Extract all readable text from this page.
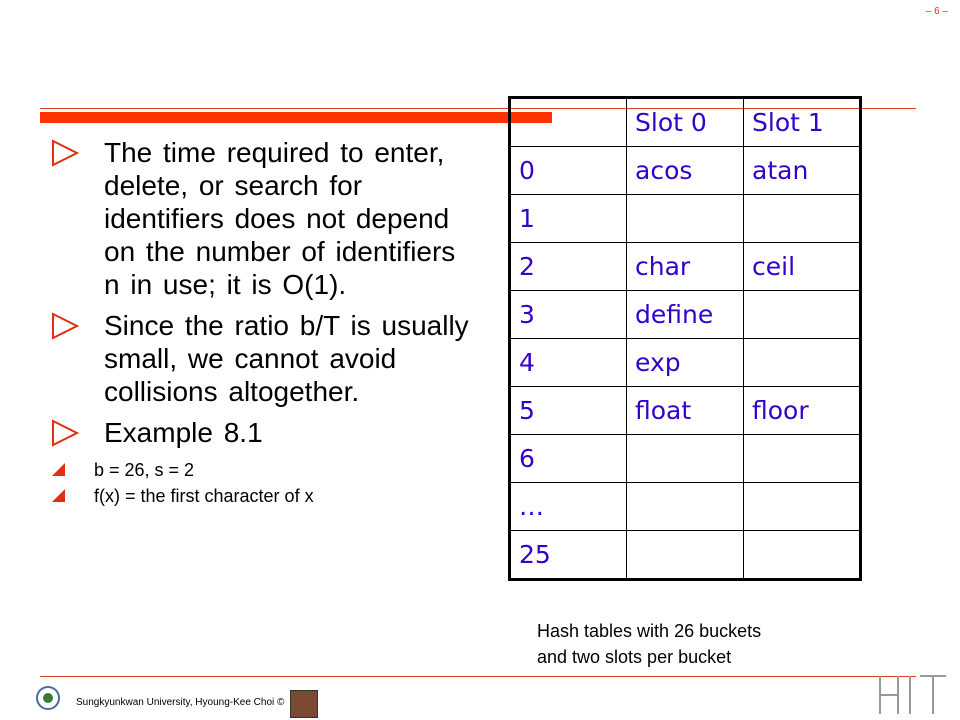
– 6 –
The time required to enter, delete, or search for identifiers does not depend on the number of identifiers n in use; it is O(1).
Since the ratio b/T is usually small, we cannot avoid collisions altogether.
Example 8.1
b = 26, s = 2
f(x) = the first character of x
	Slot 0	Slot 1
0	acos	atan
1		
2	char	ceil
3	define	
4	exp	
5	float	floor
6		
…		
25		
Hash tables with 26 buckets
and two slots per bucket
Sungkyunkwan University, Hyoung-Kee Choi ©
